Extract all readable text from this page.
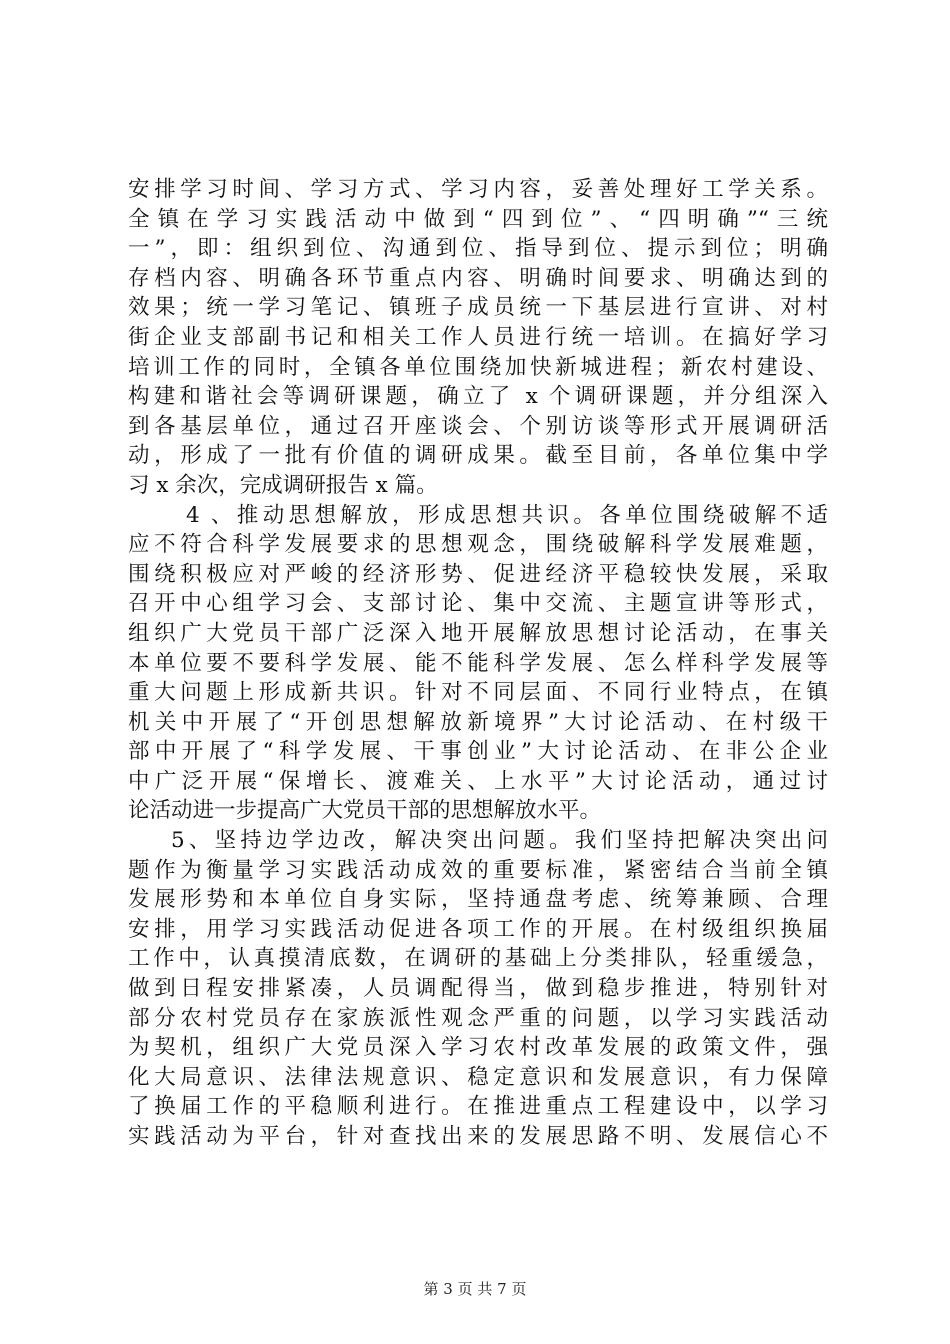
安排学习时间、学习方式、学习内容，妥善处理好工学关系。
全镇在学习实践活动中做到“四到位”、“四明确”“三统
一”，即：组织到位、沟通到位、指导到位、提示到位；明确
存档内容、明确各环节重点内容、明确时间要求、明确达到的
效果；统一学习笔记、镇班子成员统一下基层进行宣讲、对村
街企业支部副书记和相关工作人员进行统一培训。在搞好学习
培训工作的同时，全镇各单位围绕加快新城进程；新农村建设、
构建和谐社会等调研课题，确立了 x 个调研课题，并分组深入
到各基层单位，通过召开座谈会、个别访谈等形式开展调研活
动，形成了一批有价值的调研成果。截至目前，各单位集中学
习 x 余次，完成调研报告 x 篇。
4 、推动思想解放，形成思想共识。各单位围绕破解不适
应不符合科学发展要求的思想观念，围绕破解科学发展难题，
围绕积极应对严峻的经济形势、促进经济平稳较快发展，采取
召开中心组学习会、支部讨论、集中交流、主题宣讲等形式，
组织广大党员干部广泛深入地开展解放思想讨论活动，在事关
本单位要不要科学发展、能不能科学发展、怎么样科学发展等
重大问题上形成新共识。针对不同层面、不同行业特点，在镇
机关中开展了“开创思想解放新境界”大讨论活动、在村级干
部中开展了“科学发展、干事创业”大讨论活动、在非公企业
中广泛开展“保增长、渡难关、上水平”大讨论活动，通过讨
论活动进一步提高广大党员干部的思想解放水平。
5、坚持边学边改，解决突出问题。我们坚持把解决突出问
题作为衡量学习实践活动成效的重要标准，紧密结合当前全镇
发展形势和本单位自身实际，坚持通盘考虑、统筹兼顾、合理
安排，用学习实践活动促进各项工作的开展。在村级组织换届
工作中，认真摸清底数，在调研的基础上分类排队，轻重缓急，
做到日程安排紧凑，人员调配得当，做到稳步推进，特别针对
部分农村党员存在家族派性观念严重的问题，以学习实践活动
为契机，组织广大党员深入学习农村改革发展的政策文件，强
化大局意识、法律法规意识、稳定意识和发展意识，有力保障
了换届工作的平稳顺利进行。在推进重点工程建设中，以学习
实践活动为平台，针对查找出来的发展思路不明、发展信心不
第 3 页 共 7 页
